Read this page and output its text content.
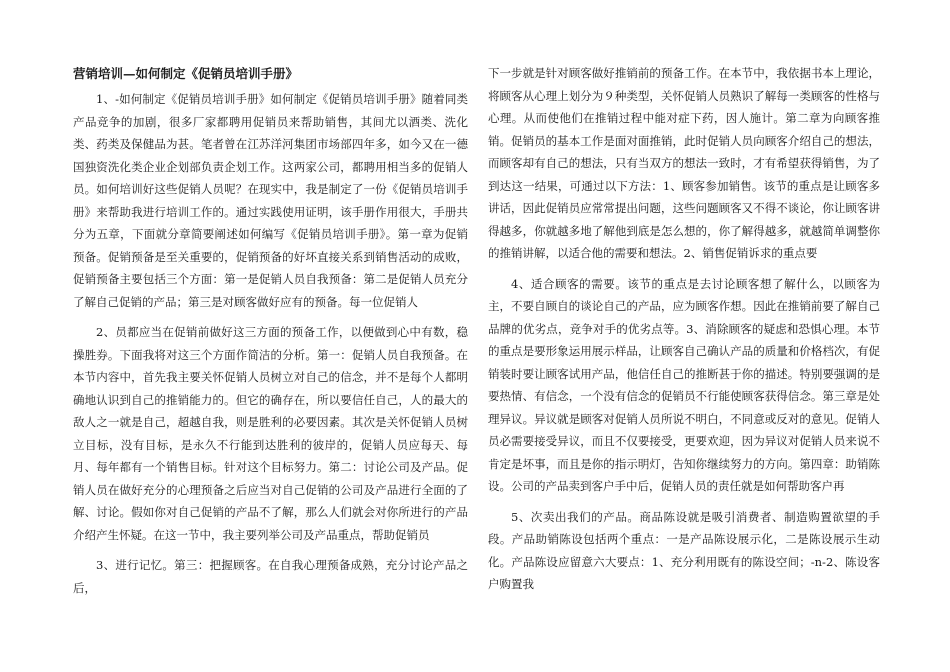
营销培训—如何制定《促销员培训手册》

1、-如何制定《促销员培训手册》如何制定《促销员培训手册》随着同类产品竞争的加剧，很多厂家都聘用促销员来帮助销售，其间尤以酒类、洗化类、药类及保健品为甚。笔者曾在江苏洋河集团市场部四年多，如今又在一德国独资洗化类企业企划部负责企划工作。这两家公司，都聘用相当多的促销人员。如何培训好这些促销人员呢？在现实中，我是制定了一份《促销员培训手册》来帮助我进行培训工作的。通过实践使用证明，该手册作用很大，手册共分为五章，下面就分章简要阐述如何编写《促销员培训手册》。第一章为促销预备。促销预备是至关重要的，促销预备的好坏直接关系到销售活动的成败，促销预备主要包括三个方面：第一是促销人员自我预备：第二是促销人员充分了解自己促销的产品；第三是对顾客做好应有的预备。每一位促销人

2、员都应当在促销前做好这三方面的预备工作，以便做到心中有数，稳操胜券。下面我将对这三个方面作简洁的分析。第一：促销人员自我预备。在本节内容中，首先我主要关怀促销人员树立对自己的信念，并不是每个人都明确地认识到自己的推销能力的。但它的确存在，所以要信任自己，人的最大的敌人之一就是自己，超越自我，则是胜利的必要因素。其次是关怀促销人员树立目标，没有目标，是永久不行能到达胜利的彼岸的，促销人员应每天、每月、每年都有一个销售目标。针对这个目标努力。第二：讨论公司及产品。促销人员在做好充分的心理预备之后应当对自己促销的公司及产品进行全面的了解、讨论。假如你对自己促销的产品不了解，那么人们就会对你所进行的产品介绍产生怀疑。在这一节中，我主要列举公司及产品重点，帮助促销员

3、进行记忆。第三：把握顾客。在自我心理预备成熟，充分讨论产品之后，

下一步就是针对顾客做好推销前的预备工作。在本节中，我依据书本上理论，将顾客从心理上划分为９种类型，关怀促销人员熟识了解每一类顾客的性格与心理。从而使他们在推销过程中能对症下药，因人施计。第二章为向顾客推销。促销员的基本工作是面对面推销，此时促销人员向顾客介绍自己的想法，而顾客却有自己的想法，只有当双方的想法一致时，才有希望获得销售，为了到达这一结果，可通过以下方法：1、顾客参加销售。该节的重点是让顾客多讲话，因此促销员应常常提出问题，这些问题顾客又不得不谈论，你让顾客讲得越多，你就越多地了解他到底是怎么想的，你了解得越多，就越简单调整你的推销讲解，以适合他的需要和想法。2、销售促销诉求的重点要

4、适合顾客的需要。该节的重点是去讨论顾客想了解什么，以顾客为主，不要自顾自的谈论自己的产品，应为顾客作想。因此在推销前要了解自己品牌的优劣点，竞争对手的优劣点等。3、消除顾客的疑虑和恐惧心理。本节的重点是要形象运用展示样品，让顾客自己确认产品的质量和价格档次，有促销装时要让顾客试用产品，他信任自己的推断甚于你的描述。特别要强调的是要热情、有信念，一个没有信念的促销员不行能使顾客获得信念。第三章是处理异议。异议就是顾客对促销人员所说不明白，不同意或反对的意见。促销人员必需要接受异议，而且不仅要接受，更要欢迎，因为异议对促销人员来说不肯定是坏事，而且是你的指示明灯，告知你继续努力的方向。第四章：助销陈设。公司的产品卖到客户手中后，促销人员的责任就是如何帮助客户再

5、次卖出我们的产品。商品陈设就是吸引消费者、制造购置欲望的手段。产品助销陈设包括两个重点：一是产品陈设展示化，二是陈设展示生动化。产品陈设应留意六大要点：1、充分利用既有的陈设空间；-n-2、陈设客户购置我
